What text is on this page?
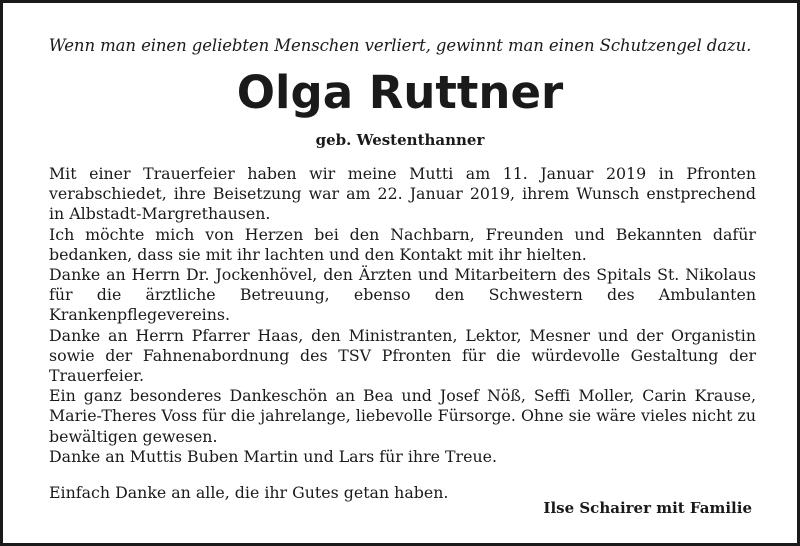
Wenn man einen geliebten Menschen verliert, gewinnt man einen Schutzengel dazu.
Olga Ruttner
geb. Westenthanner

Mit einer Trauerfeier haben wir meine Mutti am 11. Januar 2019 in Pfronten verabschiedet, ihre Beisetzung war am 22. Januar 2019, ihrem Wunsch enstprechend in Albstadt-Margrethausen.

Ich möchte mich von Herzen bei den Nachbarn, Freunden und Bekannten dafür bedanken, dass sie mit ihr lachten und den Kontakt mit ihr hielten.

Danke an Herrn Dr. Jockenhövel, den Ärzten und Mitarbeitern des Spitals St. Nikolaus für die ärztliche Betreuung, ebenso den Schwestern des Ambulanten Krankenpflegevereins.

Danke an Herrn Pfarrer Haas, den Ministranten, Lektor, Mesner und der Organistin sowie der Fahnenabordnung des TSV Pfronten für die würdevolle Gestaltung der Trauerfeier.

Ein ganz besonderes Dankeschön an Bea und Josef Nöß, Seffi Moller, Carin Krause, Marie-Theres Voss für die jahrelange, liebevolle Fürsorge. Ohne sie wäre vieles nicht zu bewältigen gewesen.

Danke an Muttis Buben Martin und Lars für ihre Treue.

Einfach Danke an alle, die ihr Gutes getan haben.

Ilse Schairer mit Familie
